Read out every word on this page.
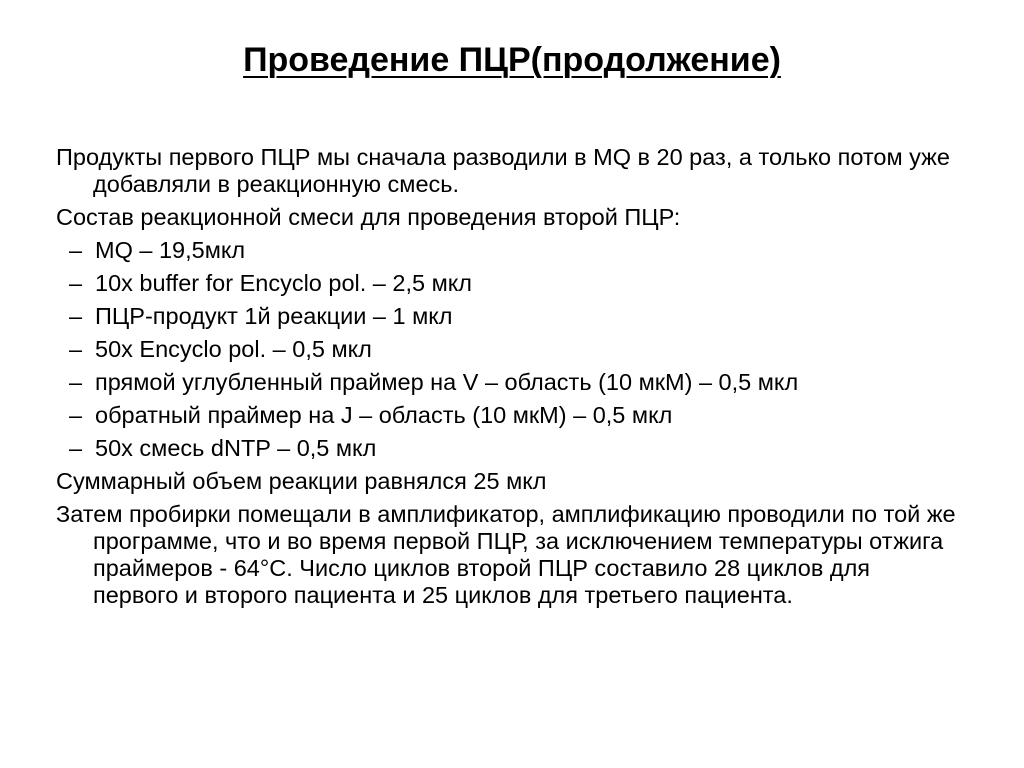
Проведение ПЦР(продолжение)
Продукты первого ПЦР мы сначала разводили в MQ в 20 раз, а только потом уже добавляли в реакционную смесь.
Состав реакционной смеси для проведения второй ПЦР:
– MQ – 19,5мкл
– 10x buffer for Encyclo pol. – 2,5 мкл
– ПЦР-продукт 1й реакции – 1 мкл
– 50x Encyclo pol. – 0,5 мкл
– прямой углубленный праймер на V – область (10 мкМ) – 0,5 мкл
– обратный праймер на J – область (10 мкМ) – 0,5 мкл
– 50x смесь dNTP – 0,5 мкл
Суммарный объем реакции равнялся 25 мкл
Затем пробирки помещали в амплификатор, амплификацию проводили по той же программе, что и во время первой ПЦР, за исключением температуры отжига праймеров - 64°С. Число циклов второй ПЦР составило 28 циклов для первого и второго пациента и 25 циклов для третьего пациента.
